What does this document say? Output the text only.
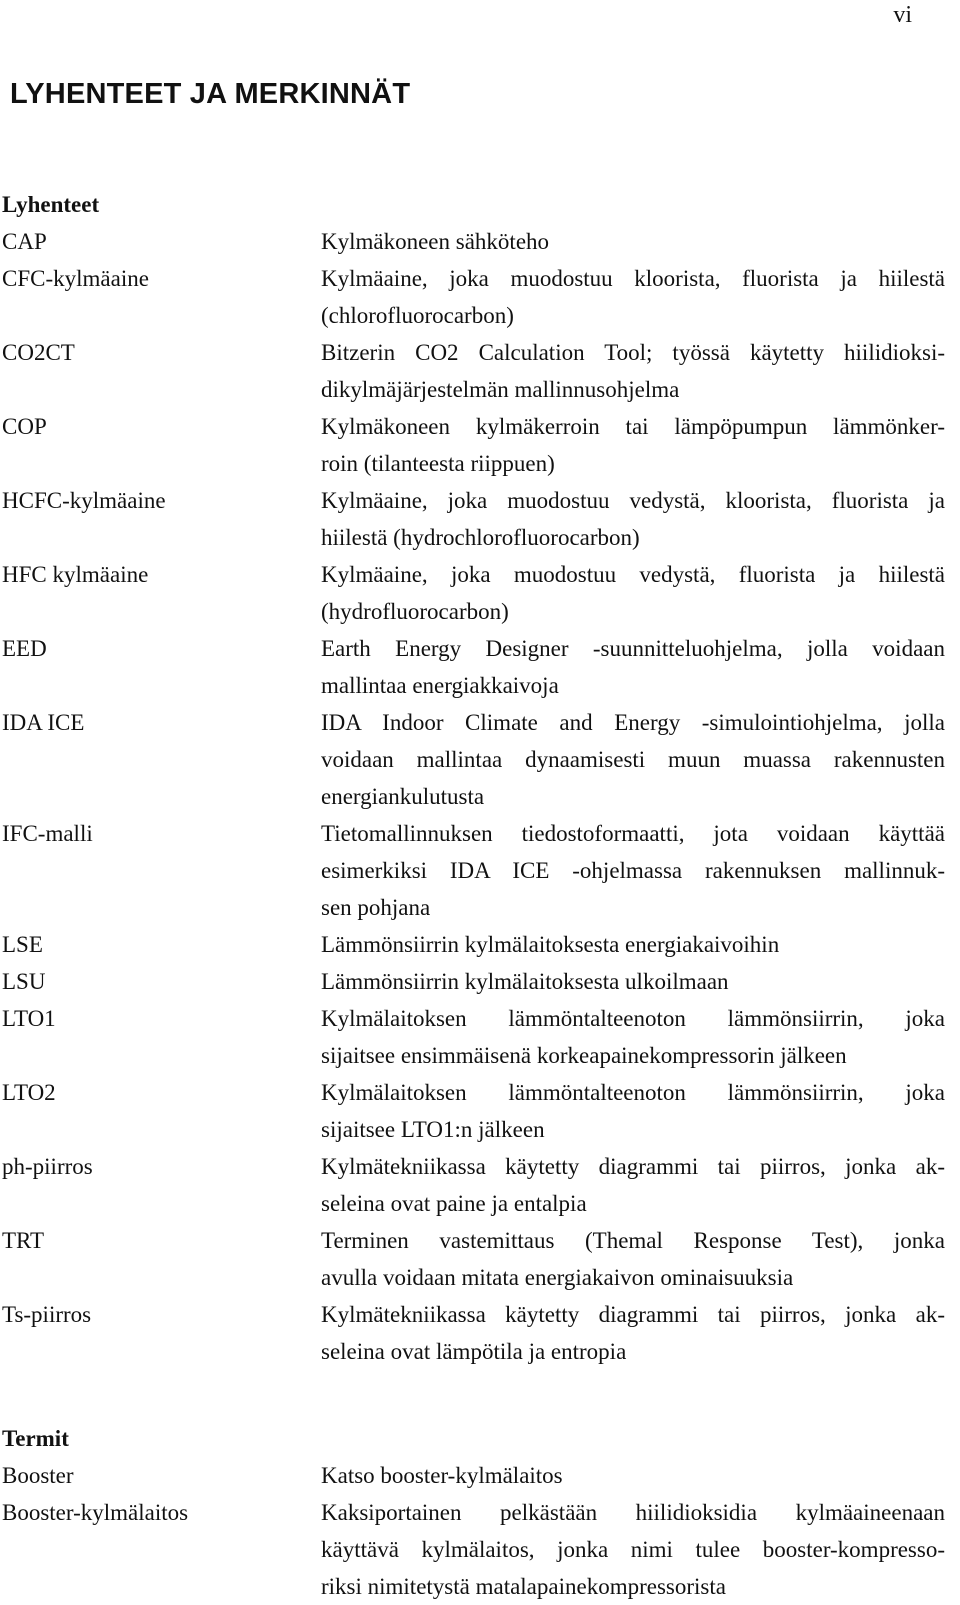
vi
LYHENTEET JA MERKINNÄT
Lyhenteet
CAP	Kylmäkoneen sähköteho
CFC-kylmäaine	Kylmäaine, joka muodostuu kloorista, fluorista ja hiilestä
(chlorofluorocarbon)
CO2CT	Bitzerin CO2 Calculation Tool; työssä käytetty hiilidioksi-
dikylmäjärjestelmän mallinnusohjelma
COP	Kylmäkoneen kylmäkerroin tai lämpöpumpun lämmönker-
roin (tilanteesta riippuen)
HCFC-kylmäaine	Kylmäaine, joka muodostuu vedystä, kloorista, fluorista ja
hiilestä (hydrochlorofluorocarbon)
HFC kylmäaine	Kylmäaine, joka muodostuu vedystä, fluorista ja hiilestä
(hydrofluorocarbon)
EED	Earth Energy Designer -suunnitteluohjelma, jolla voidaan
mallintaa energiakkaivoja
IDA ICE	IDA Indoor Climate and Energy -simulointiohjelma, jolla
voidaan mallintaa dynaamisesti muun muassa rakennusten
energiankulutusta
IFC-malli	Tietomallinnuksen tiedostoformaatti, jota voidaan käyttää
esimerkiksi IDA ICE -ohjelmassa rakennuksen mallinnuk-
sen pohjana
LSE	Lämmönsiirrin kylmälaitoksesta energiakaivoihin
LSU	Lämmönsiirrin kylmälaitoksesta ulkoilmaan
LTO1	Kylmälaitoksen lämmöntalteenoton lämmönsiirrin, joka
sijaitsee ensimmäisenä korkeapainekompressorin jälkeen
LTO2	Kylmälaitoksen lämmöntalteenoton lämmönsiirrin, joka
sijaitsee LTO1:n jälkeen
ph-piirros	Kylmätekniikassa käytetty diagrammi tai piirros, jonka ak-
seleina ovat paine ja entalpia
TRT	Terminen vastemittaus (Themal Response Test), jonka
avulla voidaan mitata energiakaivon ominaisuuksia
Ts-piirros	Kylmätekniikassa käytetty diagrammi tai piirros, jonka ak-
seleina ovat lämpötila ja entropia
Termit
Booster	Katso booster-kylmälaitos
Booster-kylmälaitos	Kaksiportainen pelkästään hiilidioksidia kylmäaineenaan
käyttävä kylmälaitos, jonka nimi tulee booster-kompresso-
riksi nimitetystä matalapainekompressorista
